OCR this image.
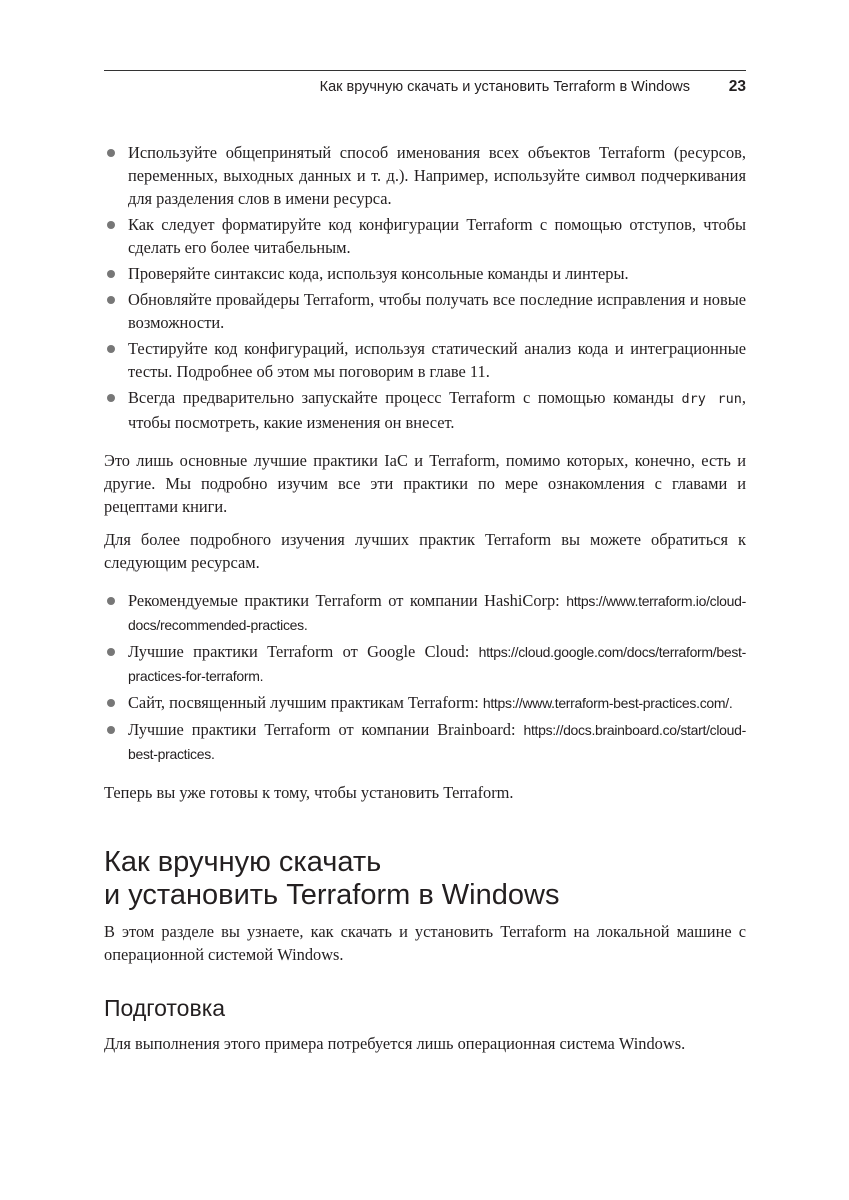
Как вручную скачать и установить Terraform в Windows	23
Используйте общепринятый способ именования всех объектов Terraform (ресурсов, переменных, выходных данных и т. д.). Например, используйте символ подчеркивания для разделения слов в имени ресурса.
Как следует форматируйте код конфигурации Terraform с помощью отступов, чтобы сделать его более читабельным.
Проверяйте синтаксис кода, используя консольные команды и линтеры.
Обновляйте провайдеры Terraform, чтобы получать все последние исправления и новые возможности.
Тестируйте код конфигураций, используя статический анализ кода и интеграционные тесты. Подробнее об этом мы поговорим в главе 11.
Всегда предварительно запускайте процесс Terraform с помощью команды dry run, чтобы посмотреть, какие изменения он внесет.

Это лишь основные лучшие практики IaC и Terraform, помимо которых, конечно, есть и другие. Мы подробно изучим все эти практики по мере ознакомления с главами и рецептами книги.

Для более подробного изучения лучших практик Terraform вы можете обратиться к следующим ресурсам.

Рекомендуемые практики Terraform от компании HashiCorp: https://www.terraform.io/cloud-docs/recommended-practices.
Лучшие практики Terraform от Google Cloud: https://cloud.google.com/docs/terraform/best-practices-for-terraform.
Сайт, посвященный лучшим практикам Terraform: https://www.terraform-best-practices.com/.
Лучшие практики Terraform от компании Brainboard: https://docs.brainboard.co/start/cloud-best-practices.

Теперь вы уже готовы к тому, чтобы установить Terraform.

Как вручную скачать
и установить Terraform в Windows

В этом разделе вы узнаете, как скачать и установить Terraform на локальной машине с операционной системой Windows.

Подготовка

Для выполнения этого примера потребуется лишь операционная система Windows.
